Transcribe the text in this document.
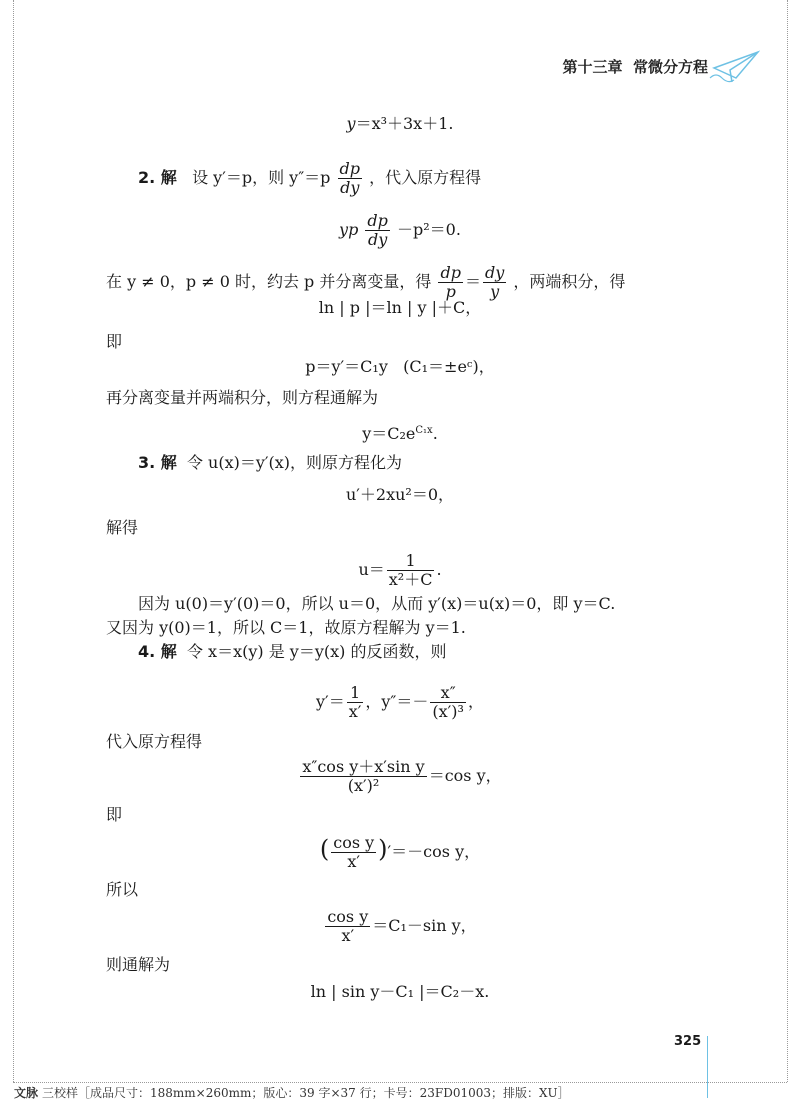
第十三章 常微分方程
y＝x³＋3x＋1.
2. 解 设 y′＝p，则 $y''=p \frac{dp}{dy}$ ，代入原方程得
yp $\frac{dp}{dy} -p^2=0$.
在 y ≠ 0，p ≠ 0 时，约去 p 并分离变量，得 $\frac{dp}{p} = \frac{dy}{y}$ ，两端积分，得
ln | p |＝ln | y |＋C，
即
p＝y′＝C₁y (C₁＝±eᶜ)，
再分离变量并两端积分，则方程通解为
$y=C_2e^{C_1x}$.
3. 解 令 u(x)＝y′(x)，则原方程化为
u′＋2xu²＝0，
解得
$u= \frac{1}{\text{x²＋C}}$ .
因为 u(0)＝y′(0)＝0，所以 u＝0，从而 y′(x)＝u(x)＝0，即 y＝C.
又因为 y(0)＝1，所以 C＝1，故原方程解为 y＝1.
4. 解 令 x＝x(y) 是 y＝y(x) 的反函数，则
$y'= \frac{1}{x'}$ ，$y''=- \frac{x''}{\text{(x′)³}}$ ，
代入原方程得
$\frac{\text{x″cos y＋x′sin y}}{\text{(x′)²}} =\cos$ y，
即
( $\frac{\text{cos y}}{x'} )'=-\cos$ y，
所以
$\frac{\text{cos y}}{x'} =C_1-\sin$ y，
则通解为
ln | sin y－C₁ |＝C₂－x.
325
文脉 三校样［成品尺寸：188mm×260mm；版心：39 字×37 行；卡号：23FD01003；排版：XU］
